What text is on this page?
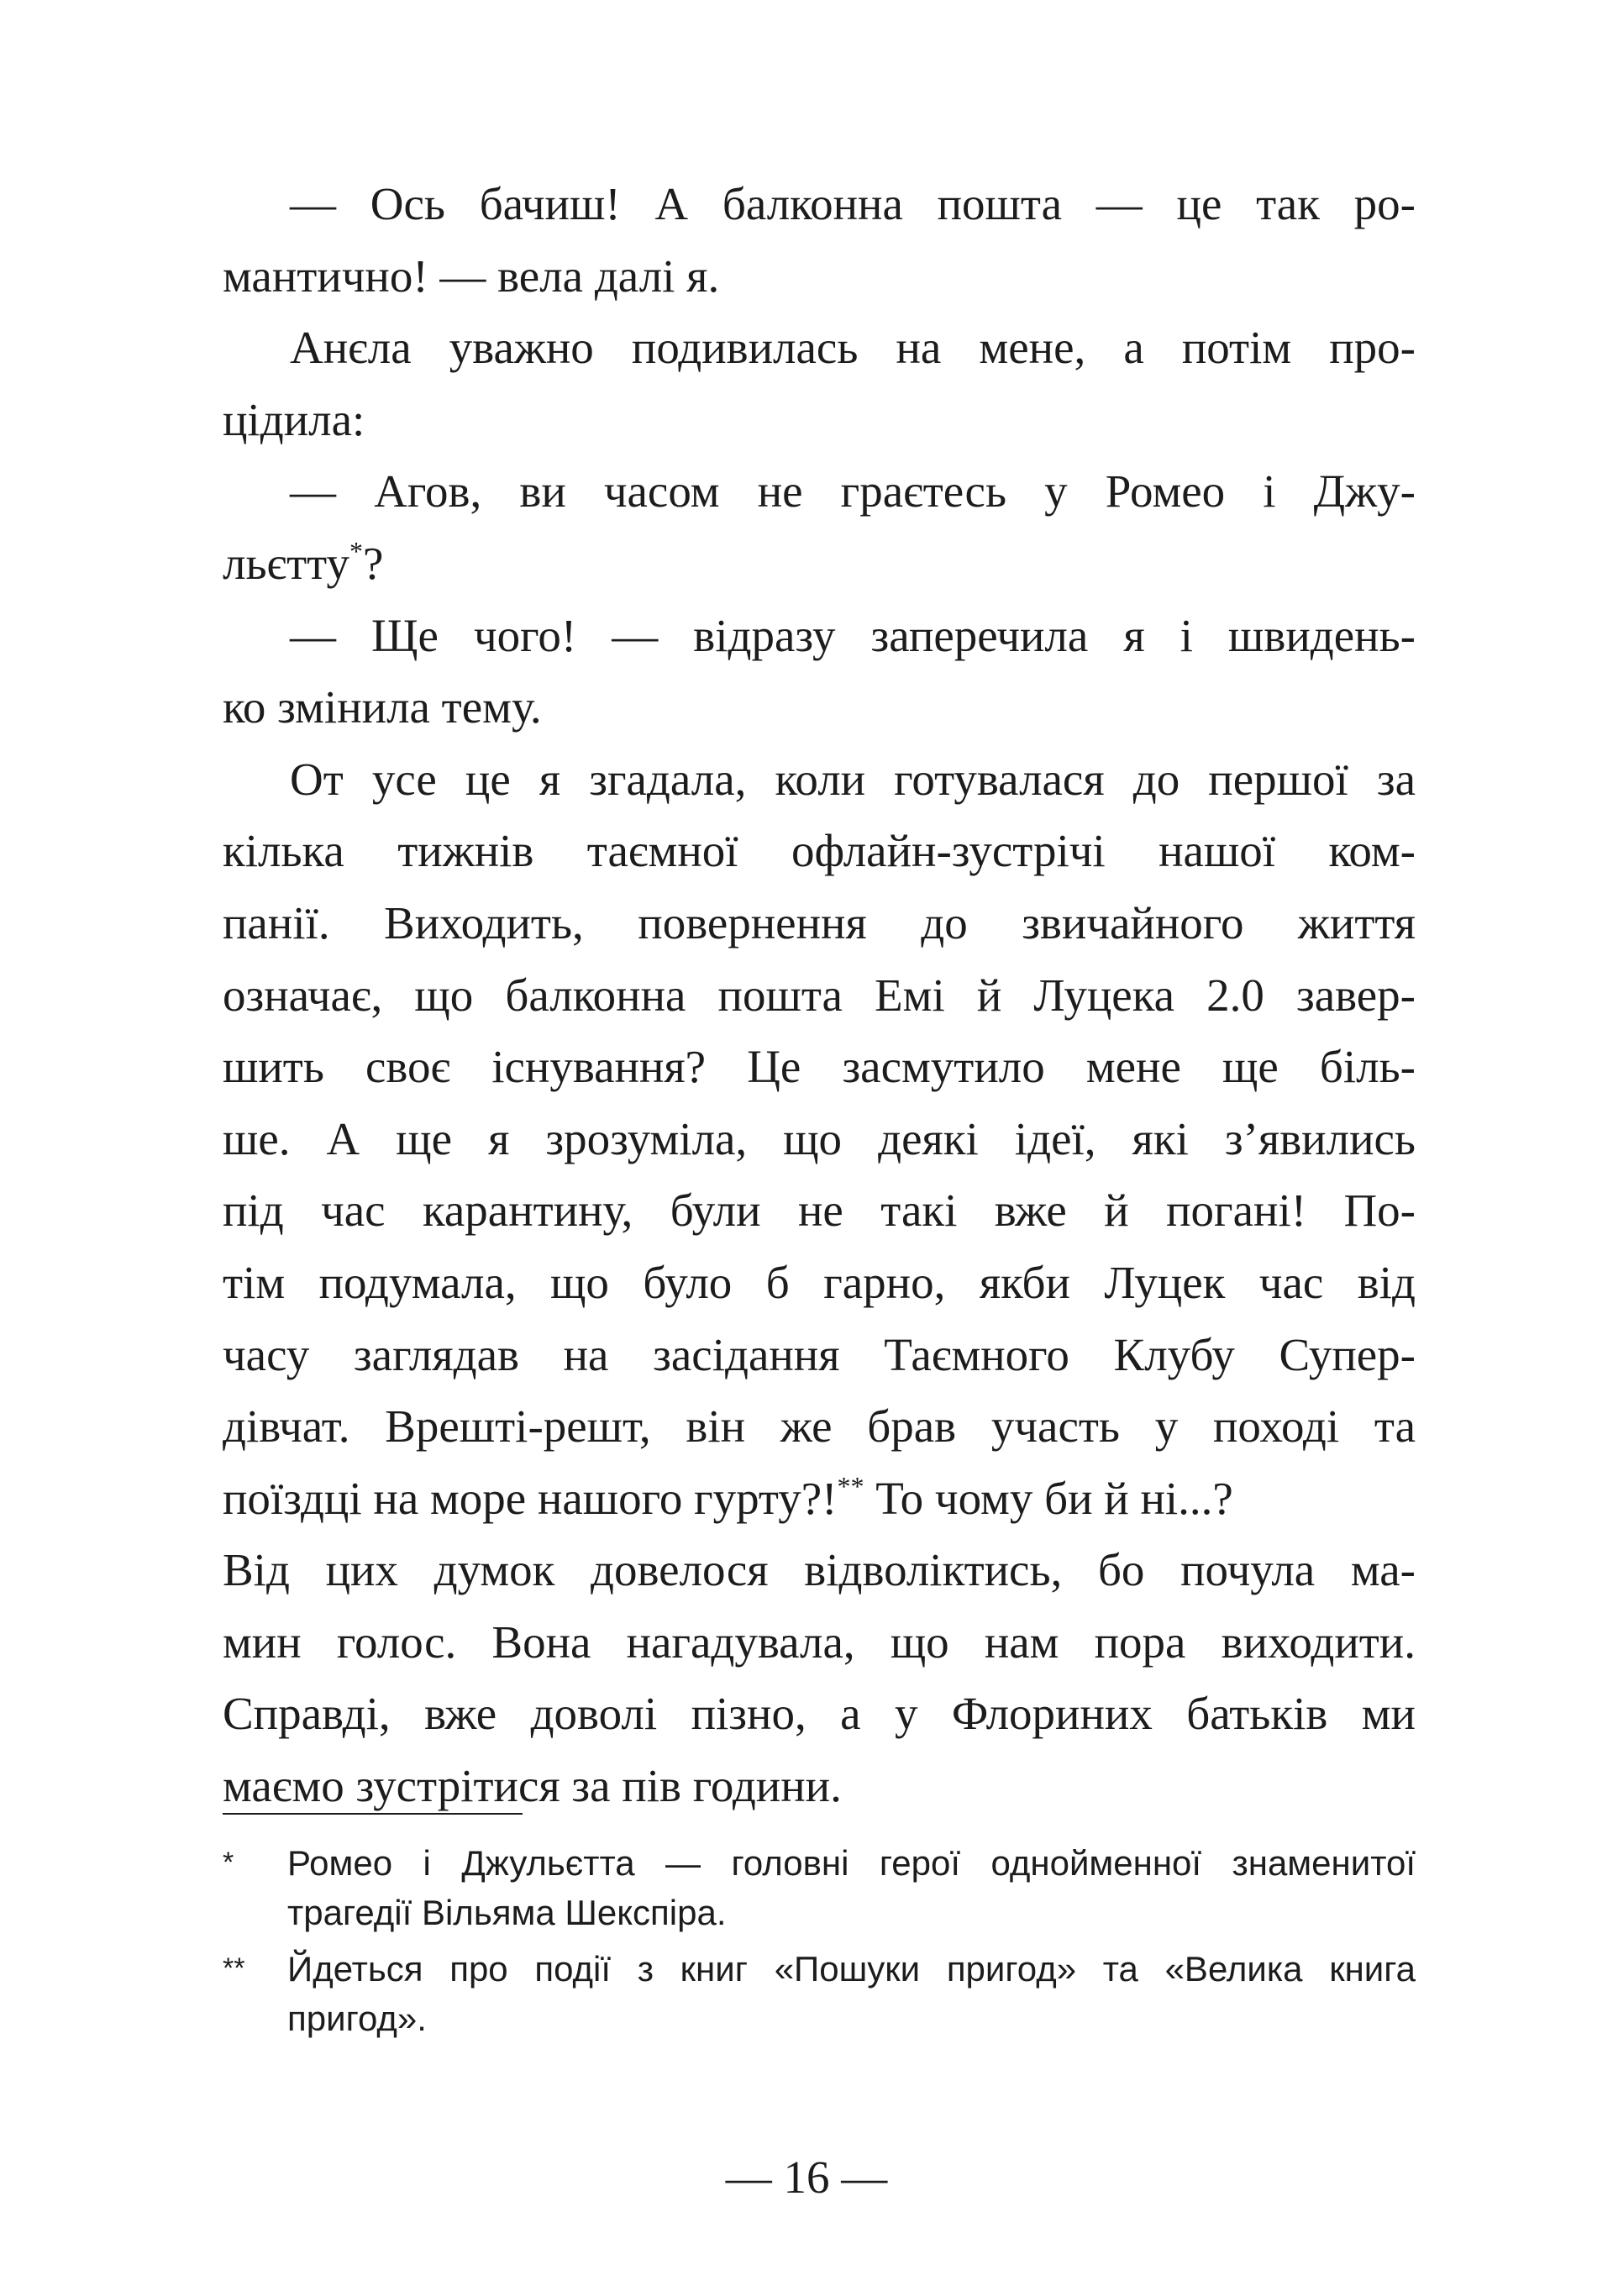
— Ось бачиш! А балконна пошта — це так ро-
мантично! — вела далі я.
Анєла уважно подивилась на мене, а потім про-
цідила:
— Агов, ви часом не граєтесь у Ромео і Джу-
льєтту*?
— Ще чого! — відразу заперечила я і швидень-
ко змінила тему.
От усе це я згадала, коли готувалася до першої за
кілька тижнів таємної офлайн-зустрічі нашої ком-
панії. Виходить, повернення до звичайного життя
означає, що балконна пошта Емі й Луцека 2.0 завер-
шить своє існування? Це засмутило мене ще біль-
ше. А ще я зрозуміла, що деякі ідеї, які з’явились
під час карантину, були не такі вже й погані! По-
тім подумала, що було б гарно, якби Луцек час від
часу заглядав на засідання Таємного Клубу Супер-
дівчат. Врешті-решт, він же брав участь у поході та
поїздці на море нашого гурту?!** То чому би й ні...?
Від цих думок довелося відволіктись, бо почула ма-
мин голос. Вона нагадувала, що нам пора виходити.
Справді, вже доволі пізно, а у Флориних батьків ми
маємо зустрітися за пів години.
* Ромео і Джульєтта — головні герої однойменної знаменитої
трагедії Вільяма Шекспіра.
** Йдеться про події з книг «Пошуки пригод» та «Велика книга
пригод».
— 16 —
